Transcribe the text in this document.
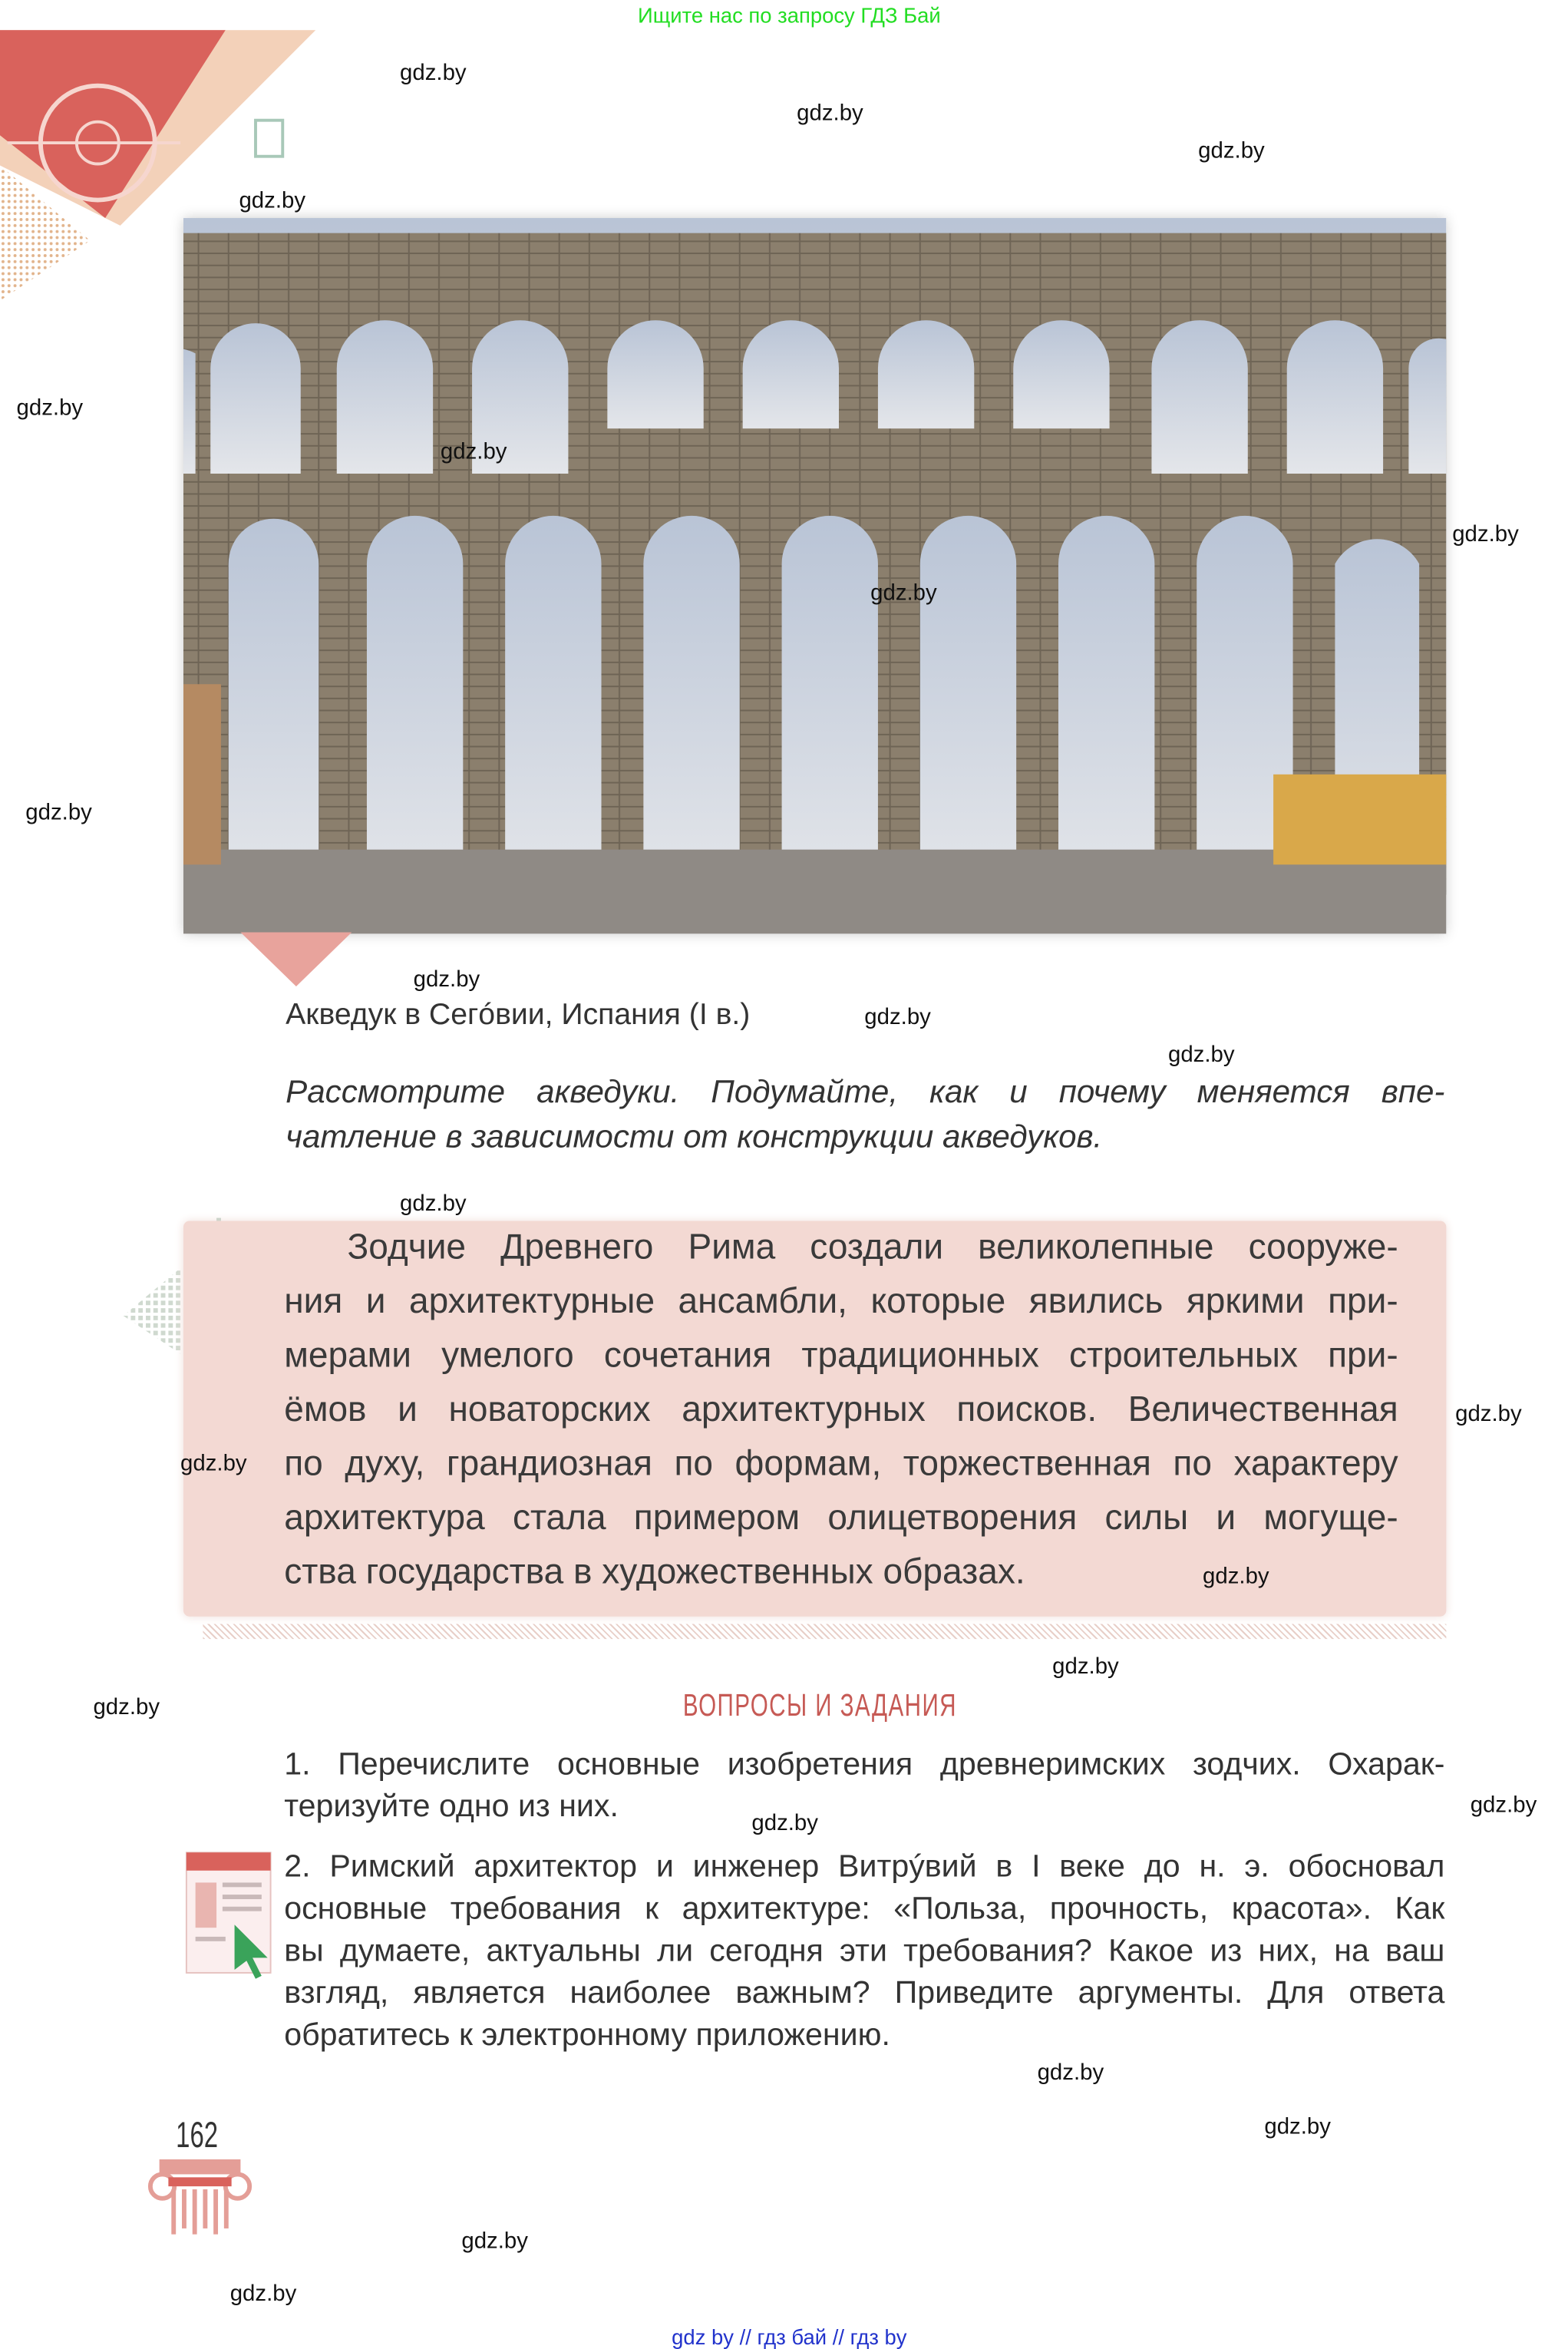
Ищите нас по запросу ГДЗ Бай
Акведук в Сегóвии, Испания (I в.)
Рассмотрите акведуки. Подумайте, как и почему меняется впе-
чатление в зависимости от конструкции акведуков.
Зодчие Древнего Рима создали великолепные сооруже-
ния и архитектурные ансамбли, которые явились яркими при-
мерами умелого сочетания традиционных строительных при-
ёмов и новаторских архитектурных поисков. Величественная
по духу, грандиозная по формам, торжественная по характеру
архитектура стала примером олицетворения силы и могуще-
ства государства в художественных образах.
ВОПРОСЫ И ЗАДАНИЯ
1. Перечислите основные изобретения древнеримских зодчих. Охарак-
теризуйте одно из них.
2. Римский архитектор и инженер Витрýвий в I веке до н. э. обосновал
основные требования к архитектуре: «Польза, прочность, красота». Как
вы думаете, актуальны ли сегодня эти требования? Какое из них, на ваш
взгляд, является наиболее важным? Приведите аргументы. Для ответа
обратитесь к электронному приложению.
162
gdz by // гдз бай // гдз by
gdz.by
gdz.by
gdz.by
gdz.by
gdz.by
gdz.by
gdz.by
gdz.by
gdz.by
gdz.by
gdz.by
gdz.by
gdz.by
gdz.by
gdz.by
gdz.by
gdz.by
gdz.by
gdz.by
gdz.by
gdz.by
gdz.by
gdz.by
gdz.by
